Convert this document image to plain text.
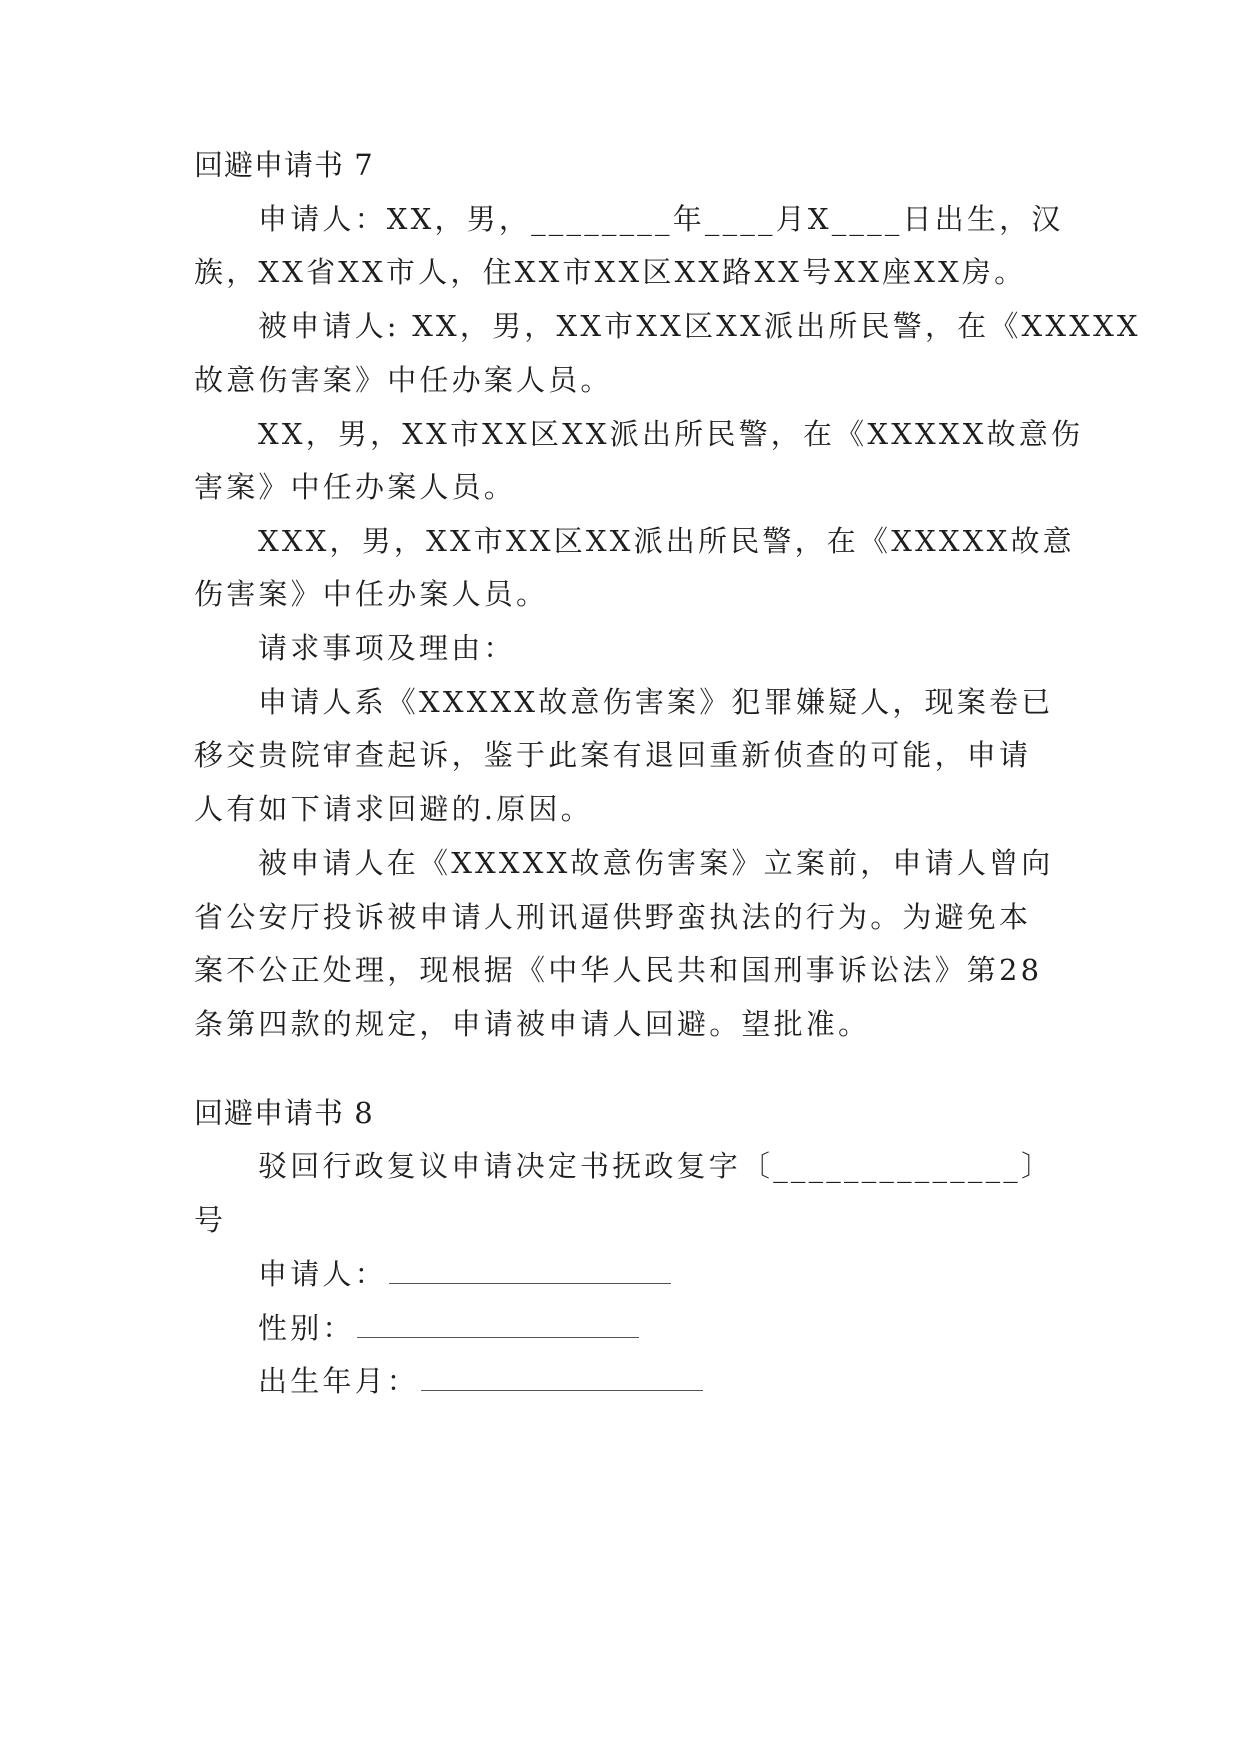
回避申请书 7
申请人：XX，男，________年____月X____日出生，汉
族，XX省XX市人，住XX市XX区XX路XX号XX座XX房。
被申请人: XX，男，XX市XX区XX派出所民警，在《XXXXX
故意伤害案》中任办案人员。
XX，男，XX市XX区XX派出所民警，在《XXXXX故意伤
害案》中任办案人员。
XXX，男，XX市XX区XX派出所民警，在《XXXXX故意
伤害案》中任办案人员。
请求事项及理由：
申请人系《XXXXX故意伤害案》犯罪嫌疑人，现案卷已
移交贵院审查起诉，鉴于此案有退回重新侦查的可能，申请
人有如下请求回避的.原因。
被申请人在《XXXXX故意伤害案》立案前，申请人曾向
省公安厅投诉被申请人刑讯逼供野蛮执法的行为。为避免本
案不公正处理，现根据《中华人民共和国刑事诉讼法》第28
条第四款的规定，申请被申请人回避。望批准。
回避申请书 8
驳回行政复议申请决定书抚政复字〔______________〕
号
申请人：
性别：
出生年月：
